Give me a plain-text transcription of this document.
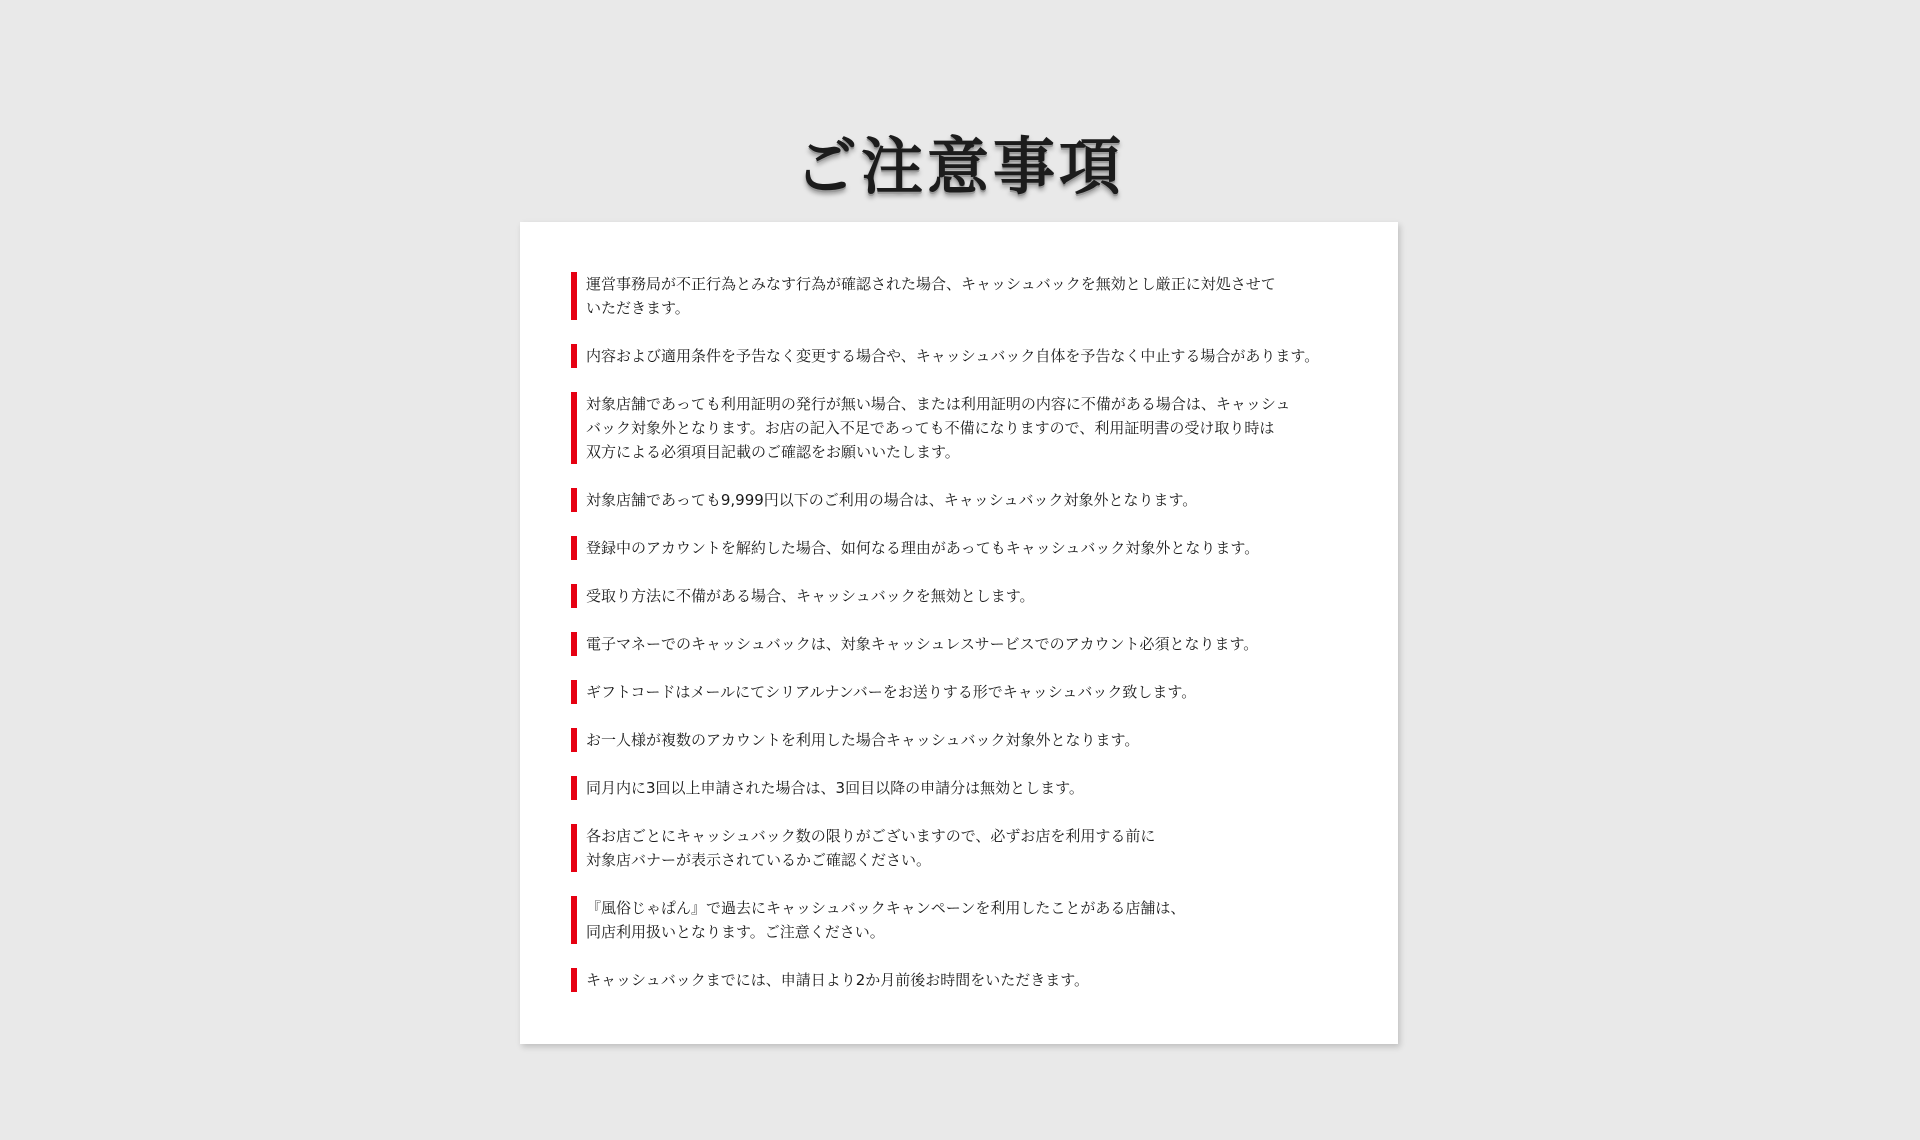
ご注意事項
運営事務局が不正行為とみなす行為が確認された場合、キャッシュバックを無効とし厳正に対処させて
いただきます。
内容および適用条件を予告なく変更する場合や、キャッシュバック自体を予告なく中止する場合があります。
対象店舗であっても利用証明の発行が無い場合、または利用証明の内容に不備がある場合は、キャッシュ
バック対象外となります。お店の記入不足であっても不備になりますので、利用証明書の受け取り時は
双方による必須項目記載のご確認をお願いいたします。
対象店舗であっても9,999円以下のご利用の場合は、キャッシュバック対象外となります。
登録中のアカウントを解約した場合、如何なる理由があってもキャッシュバック対象外となります。
受取り方法に不備がある場合、キャッシュバックを無効とします。
電子マネーでのキャッシュバックは、対象キャッシュレスサービスでのアカウント必須となります。
ギフトコードはメールにてシリアルナンバーをお送りする形でキャッシュバック致します。
お一人様が複数のアカウントを利用した場合キャッシュバック対象外となります。
同月内に3回以上申請された場合は、3回目以降の申請分は無効とします。
各お店ごとにキャッシュバック数の限りがございますので、必ずお店を利用する前に
対象店バナーが表示されているかご確認ください。
『風俗じゃぱん』で過去にキャッシュバックキャンペーンを利用したことがある店舗は、
同店利用扱いとなります。ご注意ください。
キャッシュバックまでには、申請日より2か月前後お時間をいただきます。
